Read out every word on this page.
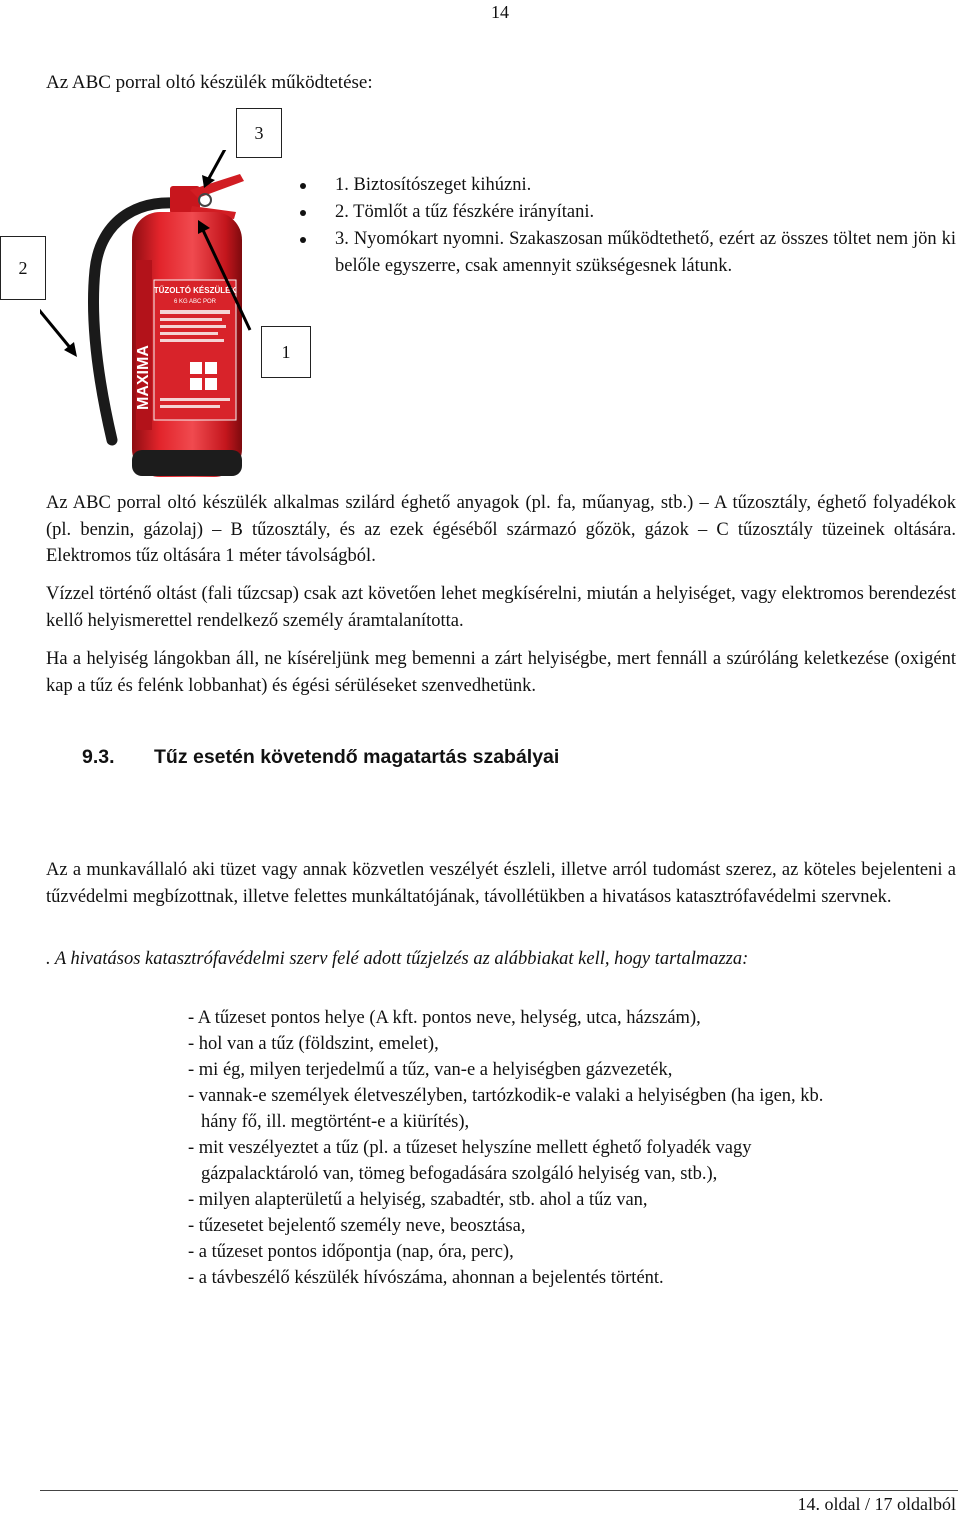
14
Az ABC porral oltó készülék működtetése:
MAXIMA
TŰZOLTÓ KÉSZÜLÉK
6 KG ABC POR
3
2
1
1. Biztosítószeget kihúzni.
2. Tömlőt a tűz fészkére irányítani.
3. Nyomókart nyomni. Szakaszosan működtethető, ezért az összes töltet nem jön ki belőle egyszerre, csak amennyit szükségesnek látunk.

Az ABC porral oltó készülék alkalmas szilárd éghető anyagok (pl. fa, műanyag, stb.) – A tűzosztály, éghető folyadékok (pl. benzin, gázolaj) – B tűzosztály, és az ezek égéséből származó gőzök, gázok – C tűzosztály tüzeinek oltására. Elektromos tűz oltására 1 méter távolságból.

Vízzel történő oltást (fali tűzcsap) csak azt követően lehet megkísérelni, miután a helyiséget, vagy elektromos berendezést kellő helyismerettel rendelkező személy áramtalanította.

Ha a helyiség lángokban áll, ne kíséreljünk meg bemenni a zárt helyiségbe, mert fennáll a szúróláng keletkezése (oxigént kap a tűz és felénk lobbanhat) és égési sérüléseket szenvedhetünk.

9.3. Tűz esetén követendő magatartás szabályai

Az a munkavállaló aki tüzet vagy annak közvetlen veszélyét észleli, illetve arról tudomást szerez, az köteles bejelenteni a tűzvédelmi megbízottnak, illetve felettes munkáltatójának, távollétükben a hivatásos katasztrófavédelmi szervnek.

. A hivatásos katasztrófavédelmi szerv felé adott tűzjelzés az alábbiakat kell, hogy tartalmazza:

- A tűzeset pontos helye (A kft. pontos neve, helység, utca, házszám),
- hol van a tűz (földszint, emelet),
- mi ég, milyen terjedelmű a tűz, van-e a helyiségben gázvezeték,
- vannak-e személyek életveszélyben, tartózkodik-e valaki a helyiségben (ha igen, kb.
hány fő, ill. megtörtént-e a kiürítés),
- mit veszélyeztet a tűz (pl. a tűzeset helyszíne mellett éghető folyadék vagy
gázpalacktároló van, tömeg befogadására szolgáló helyiség van, stb.),
- milyen alapterületű a helyiség, szabadtér, stb. ahol a tűz van,
- tűzesetet bejelentő személy neve, beosztása,
- a tűzeset pontos időpontja (nap, óra, perc),
- a távbeszélő készülék hívószáma, ahonnan a bejelentés történt.
14. oldal / 17 oldalból
